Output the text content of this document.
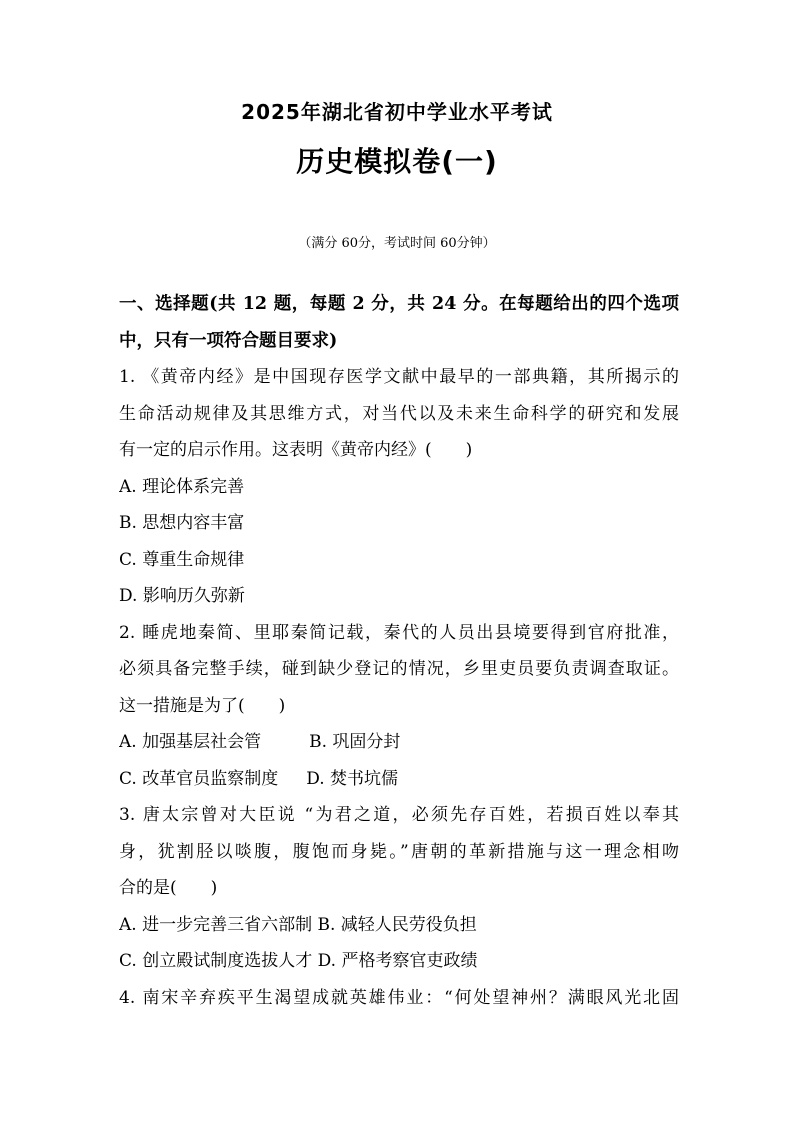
2025年湖北省初中学业水平考试
历史模拟卷(一)
（满分 60分，考试时间 60分钟）
一、选择题(共 12 题，每题 2 分，共 24 分。在每题给出的四个选项
中，只有一项符合题目要求)
1. 《黄帝内经》是中国现存医学文献中最早的一部典籍，其所揭示的
生命活动规律及其思维方式，对当代以及未来生命科学的研究和发展
有一定的启示作用。这表明《黄帝内经》(　　)
A. 理论体系完善
B. 思想内容丰富
C. 尊重生命规律
D. 影响历久弥新
2. 睡虎地秦简、里耶秦简记载，秦代的人员出县境要得到官府批准，
必须具备完整手续，碰到缺少登记的情况，乡里吏员要负责调查取证。
这一措施是为了(　　)
A. 加强基层社会管	B. 巩固分封
C. 改革官员监察制度 D. 焚书坑儒
3. 唐太宗曾对大臣说 “为君之道，必须先存百姓，若损百姓以奉其
身，犹割胫以啖腹，腹饱而身毙。”唐朝的革新措施与这一理念相吻
合的是(　　)
A. 进一步完善三省六部制 B. 减轻人民劳役负担
C. 创立殿试制度选拔人才 D. 严格考察官吏政绩
4. 南宋辛弃疾平生渴望成就英雄伟业：“何处望神州？满眼风光北固
